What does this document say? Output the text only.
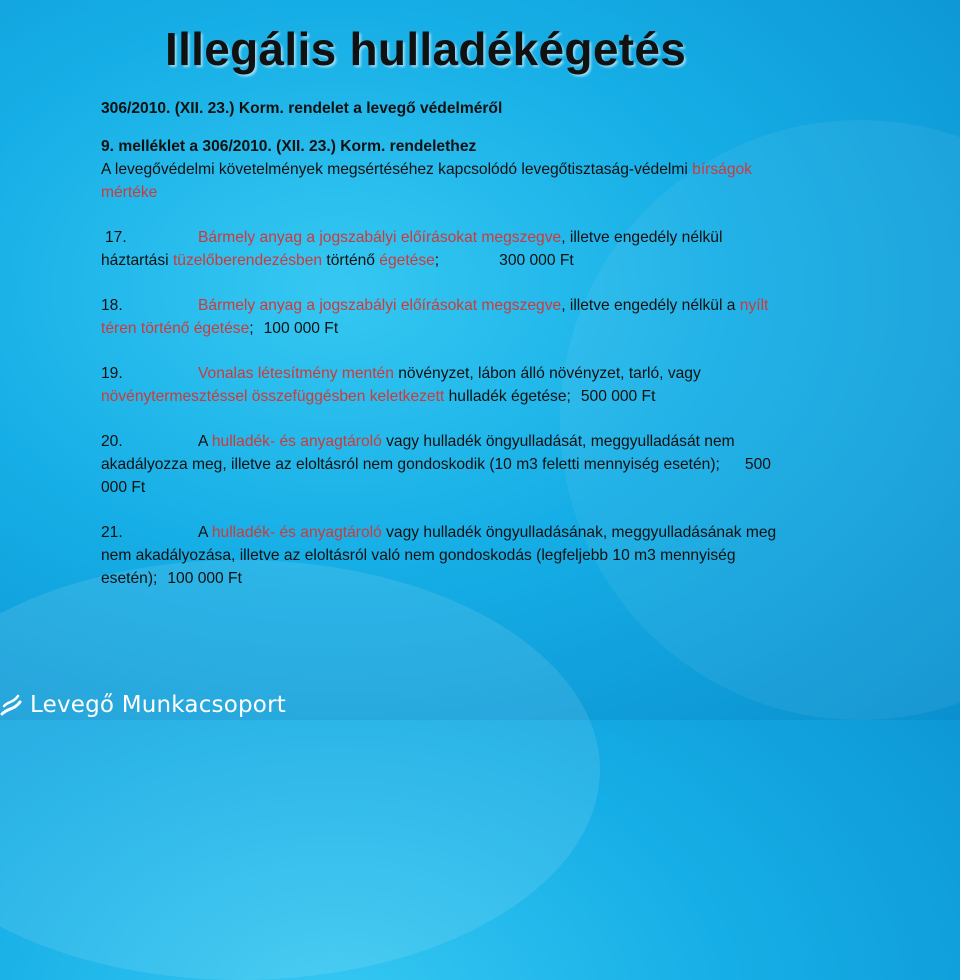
Illegális hulladékégetés

306/2010. (XII. 23.) Korm. rendelet a levegő védelméről

9. melléklet a 306/2010. (XII. 23.) Korm. rendelethez

A levegővédelmi követelmények megsértéséhez kapcsolódó levegőtisztaság-védelmi bírságok

mértéke

17.	Bármely anyag a jogszabályi előírásokat megszegve, illetve engedély nélkül

háztartási tüzelőberendezésben történő égetése;	300 000 Ft

18.	Bármely anyag a jogszabályi előírásokat megszegve, illetve engedély nélkül a nyílt

téren történő égetése; 100 000 Ft

19.	Vonalas létesítmény mentén növényzet, lábon álló növényzet, tarló, vagy

növénytermesztéssel összefüggésben keletkezett hulladék égetése; 500 000 Ft

20.	A hulladék- és anyagtároló vagy hulladék öngyulladását, meggyulladását nem

akadályozza meg, illetve az eloltásról nem gondoskodik (10 m3 feletti mennyiség esetén); 500

000 Ft

21.	A hulladék- és anyagtároló vagy hulladék öngyulladásának, meggyulladásának meg

nem akadályozása, illetve az eloltásról való nem gondoskodás (legfeljebb 10 m3 mennyiség

esetén); 100 000 Ft

Levegő Munkacsoport
